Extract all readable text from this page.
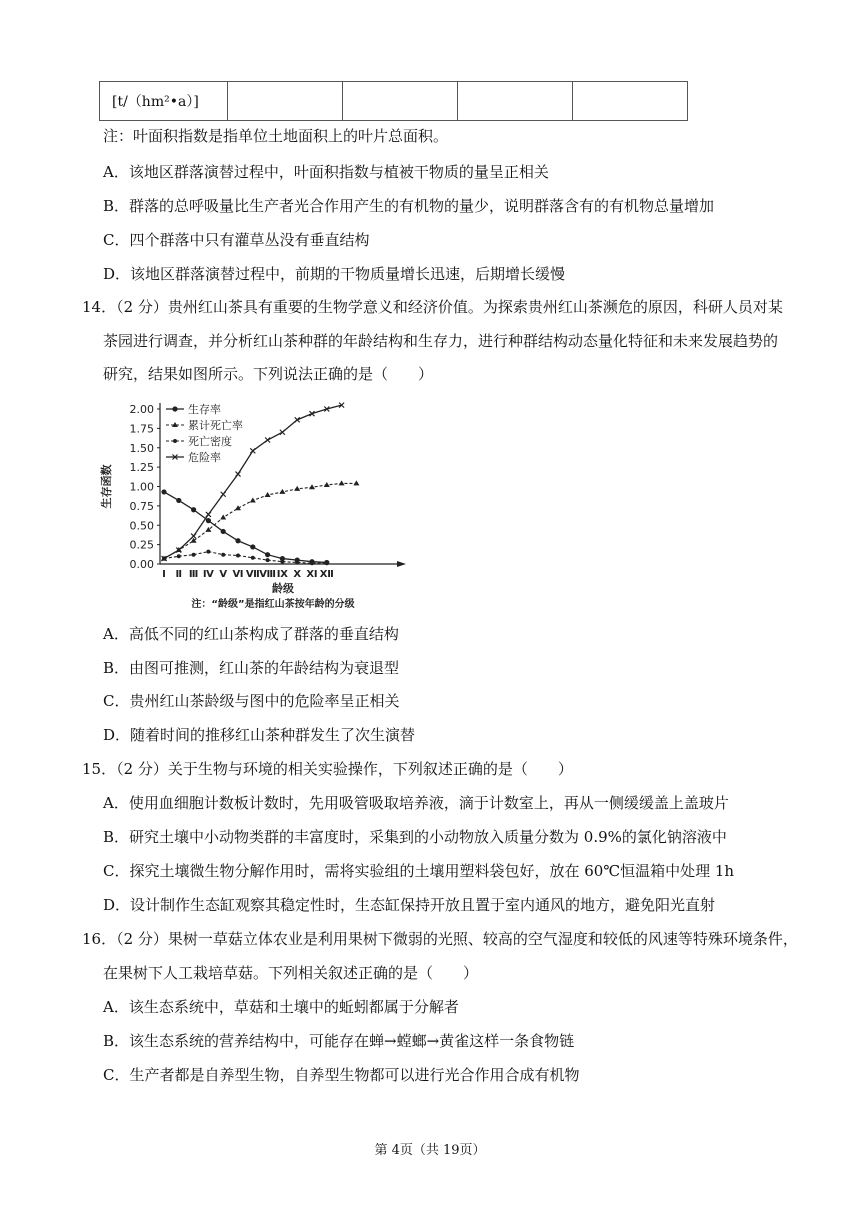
[t/（hm²•a）]				
注：叶面积指数是指单位土地面积上的叶片总面积。
A．该地区群落演替过程中，叶面积指数与植被干物质的量呈正相关
B．群落的总呼吸量比生产者光合作用产生的有机物的量少，说明群落含有的有机物总量增加
C．四个群落中只有灌草丛没有垂直结构
D．该地区群落演替过程中，前期的干物质量增长迅速，后期增长缓慢
14．（2 分）贵州红山茶具有重要的生物学意义和经济价值。为探索贵州红山茶濒危的原因，科研人员对某
茶园进行调查，并分析红山茶种群的年龄结构和生存力，进行种群结构动态量化特征和未来发展趋势的
研究，结果如图所示。下列说法正确的是（　　）
2.00
1.75
1.50
1.25
1.00
0.75
0.50
0.25
0.00
Ⅰ Ⅱ Ⅲ Ⅳ Ⅴ Ⅵ Ⅶ Ⅷ Ⅸ Ⅹ Ⅺ Ⅻ
生存函数
龄级
注：“龄级”是指红山茶按年龄的分级
生存率
累计死亡率
死亡密度
危险率
A．高低不同的红山茶构成了群落的垂直结构
B．由图可推测，红山茶的年龄结构为衰退型
C．贵州红山茶龄级与图中的危险率呈正相关
D．随着时间的推移红山茶种群发生了次生演替
15．（2 分）关于生物与环境的相关实验操作，下列叙述正确的是（　　）
A．使用血细胞计数板计数时，先用吸管吸取培养液，滴于计数室上，再从一侧缓缓盖上盖玻片
B．研究土壤中小动物类群的丰富度时，采集到的小动物放入质量分数为 0.9%的氯化钠溶液中
C．探究土壤微生物分解作用时，需将实验组的土壤用塑料袋包好，放在 60℃恒温箱中处理 1h
D．设计制作生态缸观察其稳定性时，生态缸保持开放且置于室内通风的地方，避免阳光直射
16．（2 分）果树一草菇立体农业是利用果树下微弱的光照、较高的空气湿度和较低的风速等特殊环境条件，
在果树下人工栽培草菇。下列相关叙述正确的是（　　）
A．该生态系统中，草菇和土壤中的蚯蚓都属于分解者
B．该生态系统的营养结构中，可能存在蝉→螳螂→黄雀这样一条食物链
C．生产者都是自养型生物，自养型生物都可以进行光合作用合成有机物
第 4页（共 19页）
